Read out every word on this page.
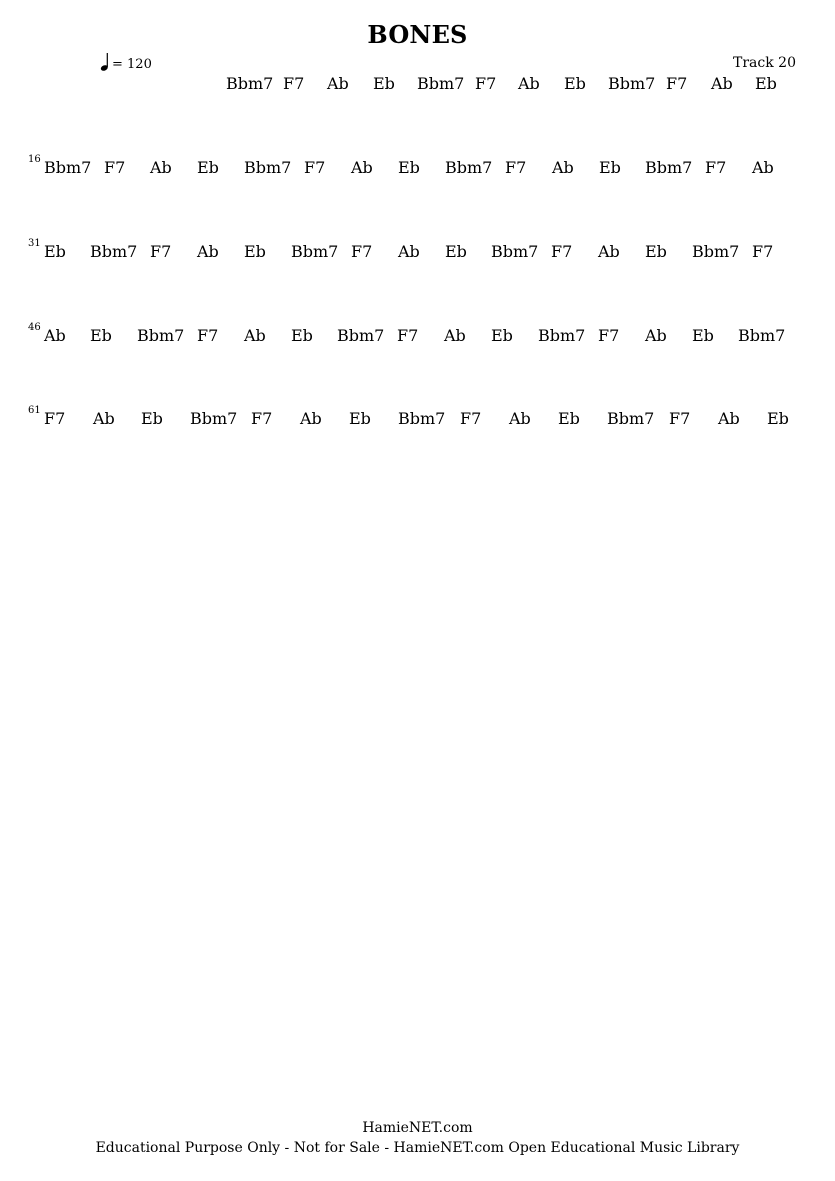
BONES
= 120	Track 20
Bbm7 F7 Ab Eb Bbm7 F7 Ab Eb Bbm7 F7 Ab Eb
16 Bbm7 F7 Ab Eb Bbm7 F7 Ab Eb Bbm7 F7 Ab Eb Bbm7 F7 Ab
31 Eb Bbm7 F7 Ab Eb Bbm7 F7 Ab Eb Bbm7 F7 Ab Eb Bbm7 F7
46 Ab Eb Bbm7 F7 Ab Eb Bbm7 F7 Ab Eb Bbm7 F7 Ab Eb Bbm7
61 F7 Ab Eb Bbm7 F7 Ab Eb Bbm7 F7 Ab Eb Bbm7 F7 Ab Eb
HamieNET.com
Educational Purpose Only - Not for Sale - HamieNET.com Open Educational Music Library
